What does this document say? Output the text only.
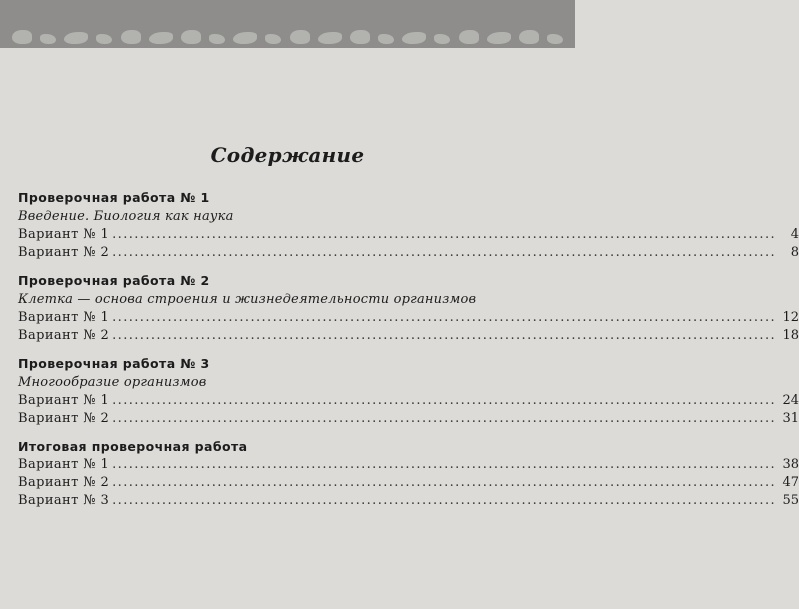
Содержание
Проверочная работа № 1
Введение. Биология как наука
Вариант № 1 ........................................................................................................................	4
Вариант № 2 ........................................................................................................................	8
Проверочная работа № 2
Клетка — основа строения и жизнедеятельности организмов
Вариант № 1 ........................................................................................................................ 12
Вариант № 2 ........................................................................................................................ 18
Проверочная работа № 3
Многообразие организмов
Вариант № 1 ........................................................................................................................ 24
Вариант № 2 ........................................................................................................................ 31
Итоговая проверочная работа
Вариант № 1 ........................................................................................................................ 38
Вариант № 2 ........................................................................................................................ 47
Вариант № 3 ........................................................................................................................ 55
